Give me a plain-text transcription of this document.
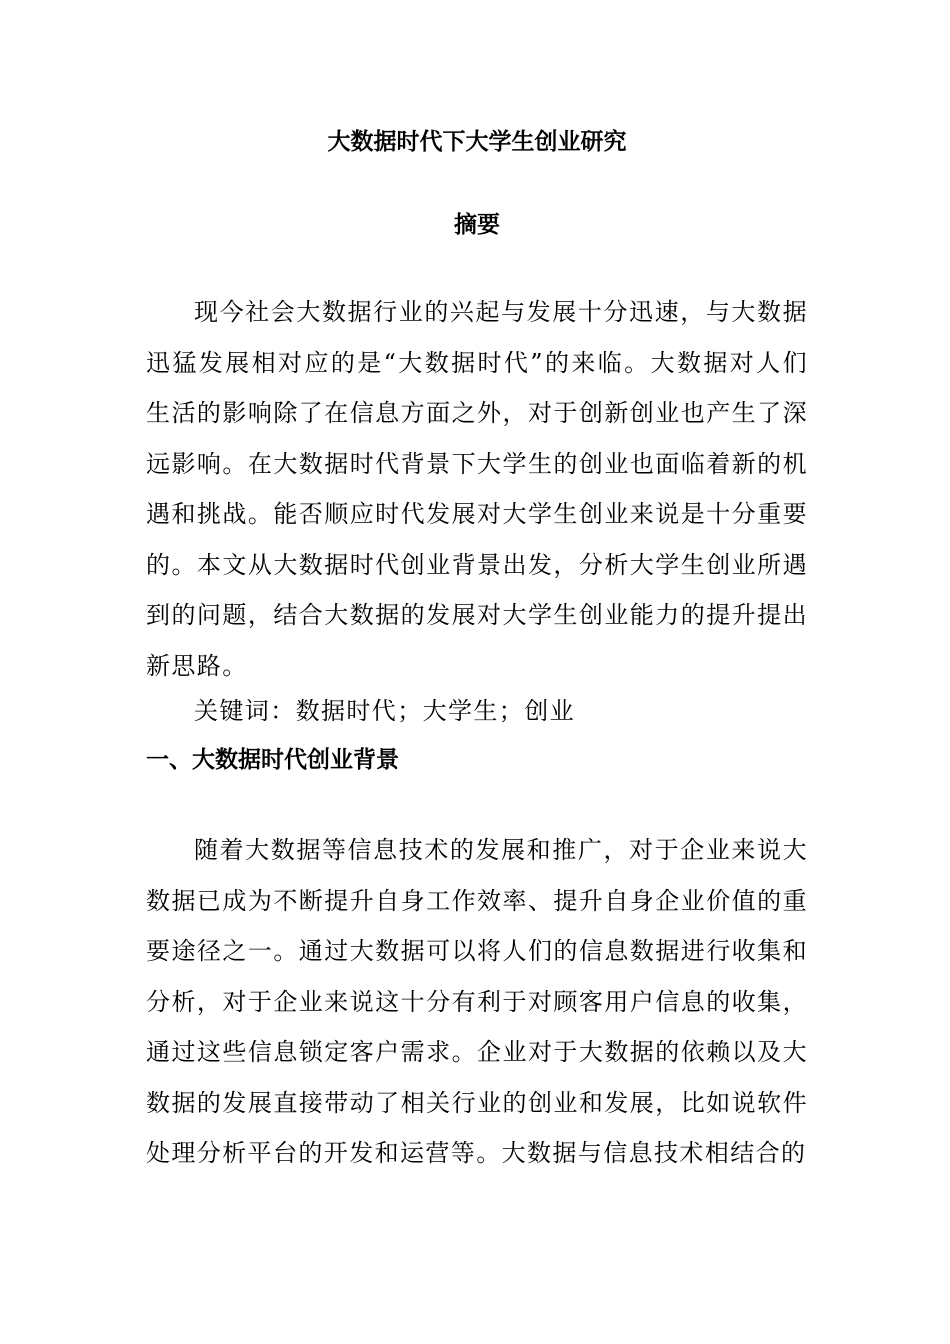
大数据时代下大学生创业研究
摘要

现今社会大数据行业的兴起与发展十分迅速，与大数据迅猛发展相对应的是“大数据时代”的来临。大数据对人们生活的影响除了在信息方面之外，对于创新创业也产生了深远影响。在大数据时代背景下大学生的创业也面临着新的机遇和挑战。能否顺应时代发展对大学生创业来说是十分重要的。本文从大数据时代创业背景出发，分析大学生创业所遇到的问题，结合大数据的发展对大学生创业能力的提升提出新思路。

关键词：数据时代；大学生；创业

一、大数据时代创业背景

随着大数据等信息技术的发展和推广，对于企业来说大数据已成为不断提升自身工作效率、提升自身企业价值的重要途径之一。通过大数据可以将人们的信息数据进行收集和分析，对于企业来说这十分有利于对顾客用户信息的收集，通过这些信息锁定客户需求。企业对于大数据的依赖以及大数据的发展直接带动了相关行业的创业和发展，比如说软件处理分析平台的开发和运营等。大数据与信息技术相结合的
